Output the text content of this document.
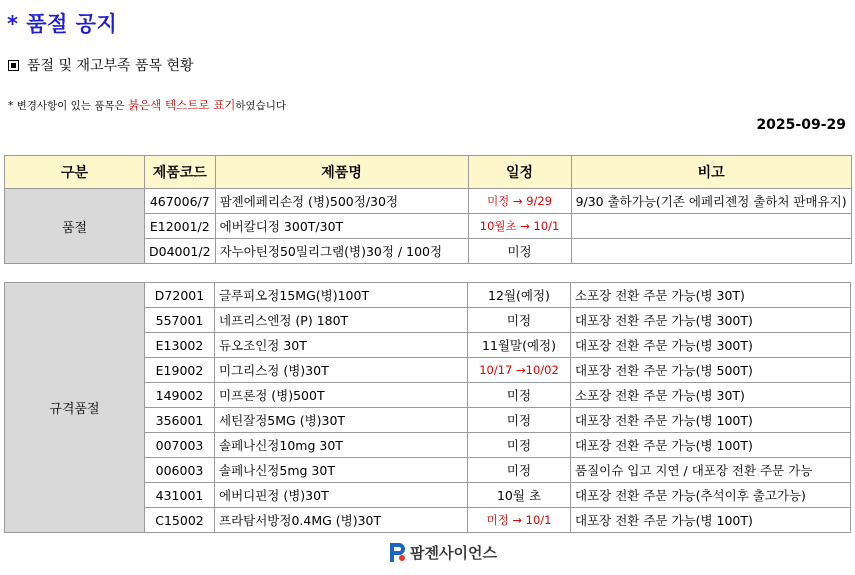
* 품절 공지
품절 및 재고부족 품목 현황
* 변경사항이 있는 품목은 붉은색 텍스트로 표기하였습니다
2025-09-29
구분	제품코드	제품명	일정	비고
품절	467006/7	팜젠에페리손정 (병)500정/30정	미정 → 9/29	9/30 출하가능(기존 에페리젠정 출하처 판매유지)
	E12001/2	에버칼디정 300T/30T	10월초 → 10/1	
	D04001/2	자누아틴정50밀리그램(병)30정 / 100정	미정	
규격품절	D72001	글루피오정15MG(병)100T	12월(예정)	소포장 전환 주문 가능(병 30T)
	557001	네프리스엔정 (P) 180T	미정	대포장 전환 주문 가능(병 300T)
	E13002	듀오조인정 30T	11월말(예정)	대포장 전환 주문 가능(병 300T)
	E19002	미그리스정 (병)30T	10/17 →10/02	대포장 전환 주문 가능(병 500T)
	149002	미프론정 (병)500T	미정	소포장 전환 주문 가능(병 30T)
	356001	세틴잘정5MG (병)30T	미정	대포장 전환 주문 가능(병 100T)
	007003	솔페나신정10mg 30T	미정	대포장 전환 주문 가능(병 100T)
	006003	솔페나신정5mg 30T	미정	품질이슈 입고 지연 / 대포장 전환 주문 가능
	431001	에버디핀정 (병)30T	10월 초	대포장 전환 주문 가능(추석이후 출고가능)
	C15002	프라탐서방정0.4MG (병)30T	미정 → 10/1	대포장 전환 주문 가능(병 100T)
팜젠사이언스
